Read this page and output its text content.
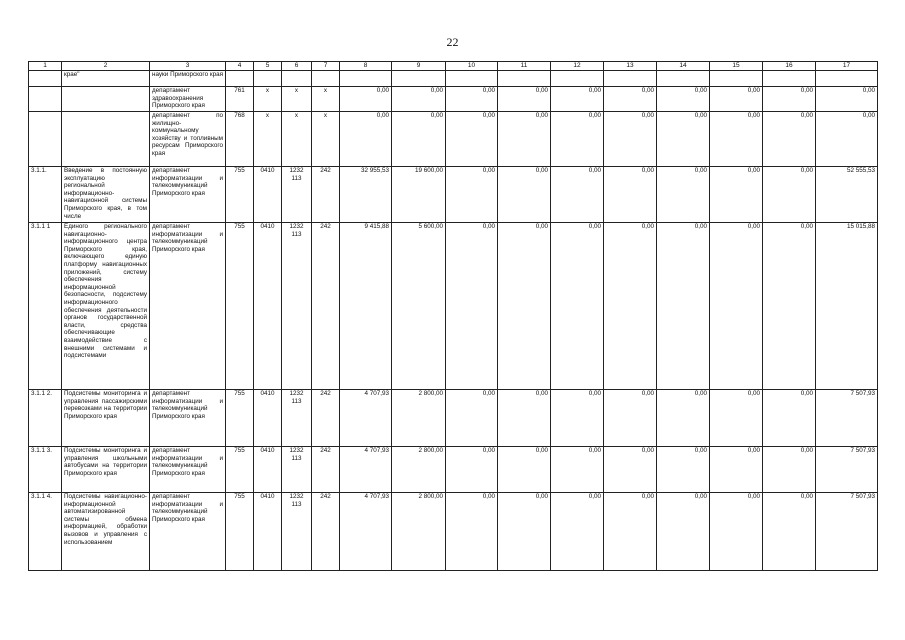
22
1	2	3	4	5	6	7	8	9	10	11	12	13	14	15	16	17
	крае"	науки Приморского края														
		департамент здравоохранения Приморского края	761	x	x	x	0,00	0,00	0,00	0,00	0,00	0,00	0,00	0,00	0,00	0,00
		департамент по жилищно-коммунальному хозяйству и топливным ресурсам Приморского края	768	x	x	x	0,00	0,00	0,00	0,00	0,00	0,00	0,00	0,00	0,00	0,00
3.1.1.	Введение в постоянную эксплуатацию региональной информационно-навигационной системы Приморского края, в том числе	департамент информатизации и телекоммуникаций Приморского края	755	0410	1232 113	242	32 955,53	19 600,00	0,00	0,00	0,00	0,00	0,00	0,00	0,00	52 555,53
3.1.1 1	Единого регионального навигационно-информационного центра Приморского края, включающего единую платформу навигационных приложений, систему обеспечения информационной безопасности, подсистему информационного обеспечения деятельности органов государственной власти, средства обеспечивающие взаимодействие с внешними системами и подсистемами	департамент информатизации и телекоммуникаций Приморского края	755	0410	1232 113	242	9 415,88	5 600,00	0,00	0,00	0,00	0,00	0,00	0,00	0,00	15 015,88
3.1.1 2.	Подсистемы мониторинга и управления пассажирскими перевозками на территории Приморского края	департамент информатизации и телекоммуникаций Приморского края	755	0410	1232 113	242	4 707,93	2 800,00	0,00	0,00	0,00	0,00	0,00	0,00	0,00	7 507,93
3.1.1 3.	Подсистемы мониторинга и управления школьными автобусами на территории Приморского края	департамент информатизации и телекоммуникаций Приморского края	755	0410	1232 113	242	4 707,93	2 800,00	0,00	0,00	0,00	0,00	0,00	0,00	0,00	7 507,93
3.1.1 4.	Подсистемы навигационно-информационной автоматизированной системы обмена информацией, обработки вызовов и управления с использованием	департамент информатизации и телекоммуникаций Приморского края	755	0410	1232 113	242	4 707,93	2 800,00	0,00	0,00	0,00	0,00	0,00	0,00	0,00	7 507,93
